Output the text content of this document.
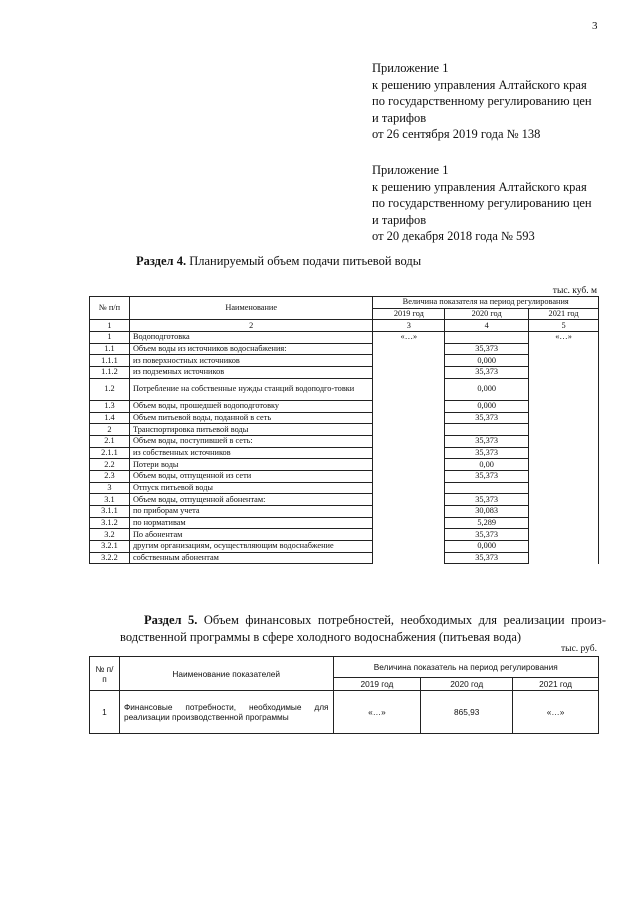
3
Приложение 1
к решению управления Алтайского края
по государственному регулированию цен
и тарифов
от 26 сентября 2019 года № 138
Приложение 1
к решению управления Алтайского края
по государственному регулированию цен
и тарифов
от 20 декабря 2018 года № 593
Раздел 4. Планируемый объем подачи питьевой воды
тыс. куб. м
№ п/п	Наименование	Величина показателя на период регулирования		
		2019 год	2020 год	2021 год
1	2	3	4	5
1	Водоподготовка	«…»		«…»
1.1	Объем воды из источников водоснабжения:		35,373	
1.1.1	из поверхностных источников		0,000	
1.1.2	из подземных источников		35,373	
1.2	Потребление на собственные нужды станций водоподго-товки		0,000	
1.3	Объем воды, прошедшей водоподготовку		0,000	
1.4	Объем питьевой воды, поданной в сеть		35,373	
2	Транспортировка питьевой воды			
2.1	Объем воды, поступившей в сеть:		35,373	
2.1.1	из собственных источников		35,373	
2.2	Потери воды		0,00	
2.3	Объем воды, отпущенной из сети		35,373	
3	Отпуск питьевой воды			
3.1	Объем воды, отпущенной абонентам:		35,373	
3.1.1	по приборам учета		30,083	
3.1.2	по нормативам		5,289	
3.2	По абонентам		35,373	
3.2.1	другим организациям, осуществляющим водоснабжение		0,000	
3.2.2	собственным абонентам		35,373	
Раздел 5. Объем финансовых потребностей, необходимых для реализации произ-водственной программы в сфере холодного водоснабжения (питьевая вода)
тыс. руб.
№ п/п	Наименование показателей	Величина показатель на период регулирования		
		2019 год	2020 год	2021 год
1	Финансовые потребности, необходимые для реализации производственной программы	«…»	865,93	«…»
